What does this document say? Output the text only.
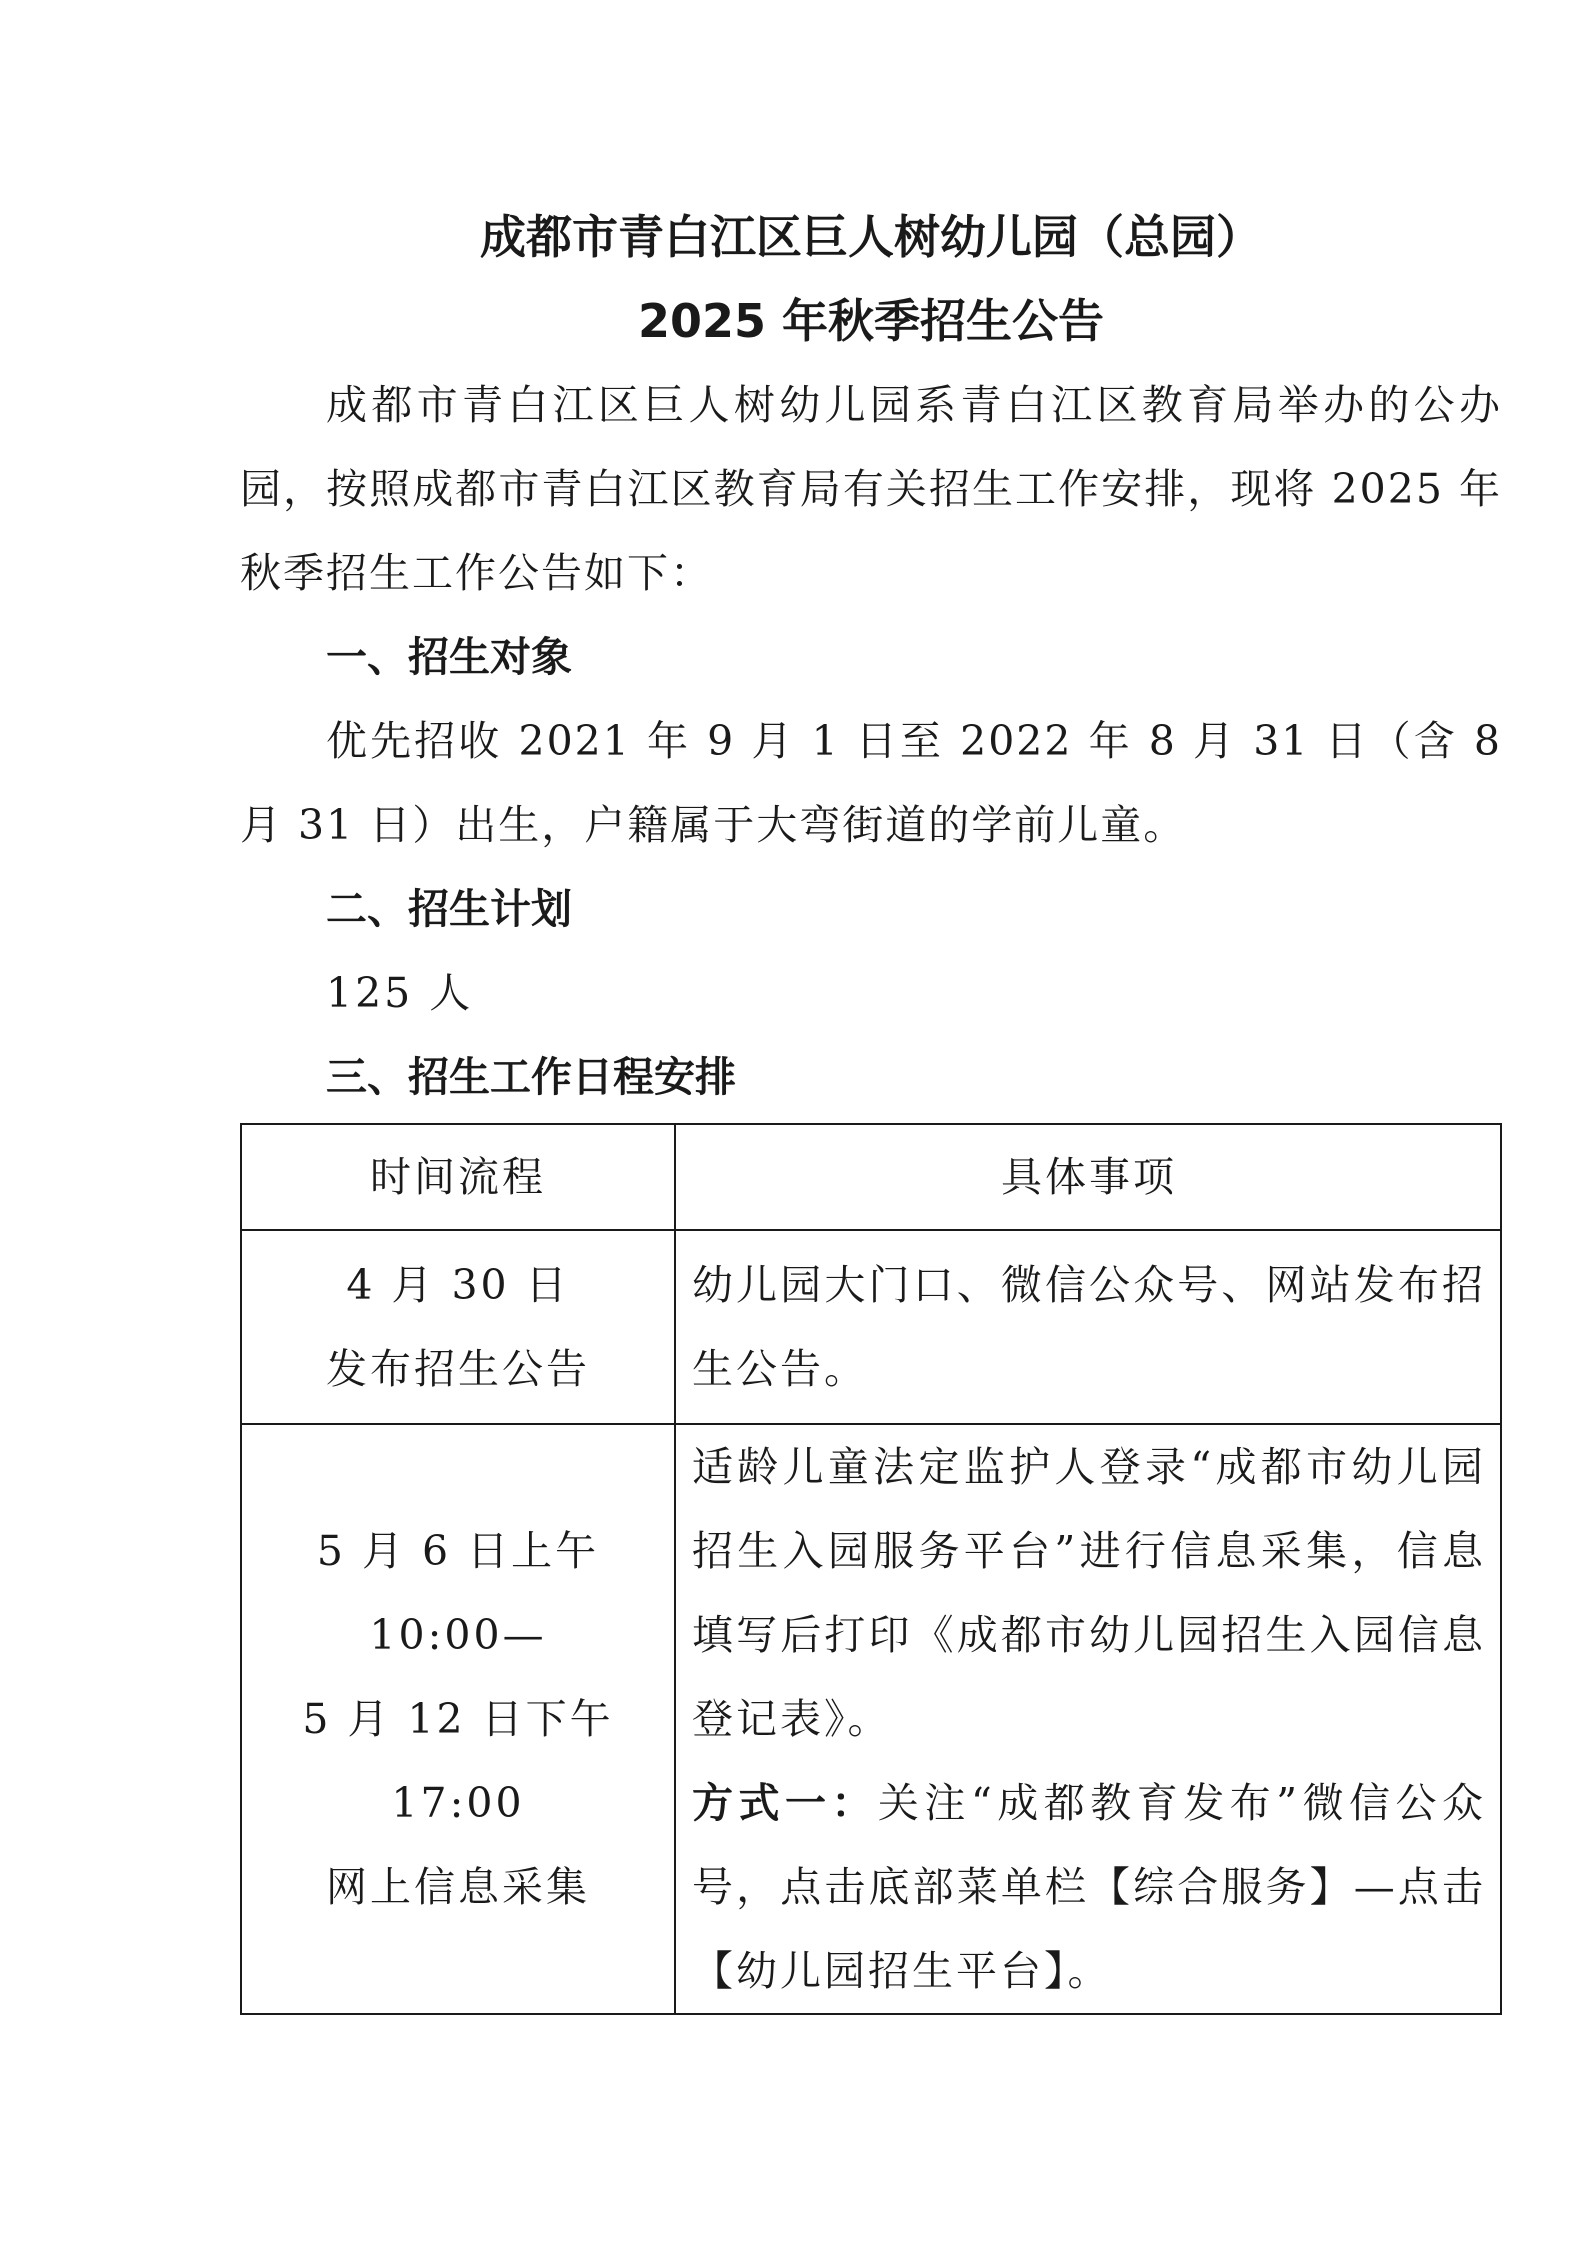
成都市青白江区巨人树幼儿园（总园）
2025 年秋季招生公告

成都市青白江区巨人树幼儿园系青白江区教育局举办的公办园，按照成都市青白江区教育局有关招生工作安排，现将 2025 年秋季招生工作公告如下：

一、招生对象

优先招收 2021 年 9 月 1 日至 2022 年 8 月 31 日（含 8 月 31 日）出生，户籍属于大弯街道的学前儿童。

二、招生计划

125 人

三、招生工作日程安排
时间流程	具体事项

4 月 30 日
发布招生公告	幼儿园大门口、微信公众号、网站发布招生公告。

5 月 6 日上午 10:00—
5 月 12 日下午 17:00
网上信息采集	适龄儿童法定监护人登录“成都市幼儿园招生入园服务平台”进行信息采集，信息填写后打印《成都市幼儿园招生入园信息登记表》。
方式一：关注“成都教育发布”微信公众号，点击底部菜单栏【综合服务】—点击【幼儿园招生平台】。
